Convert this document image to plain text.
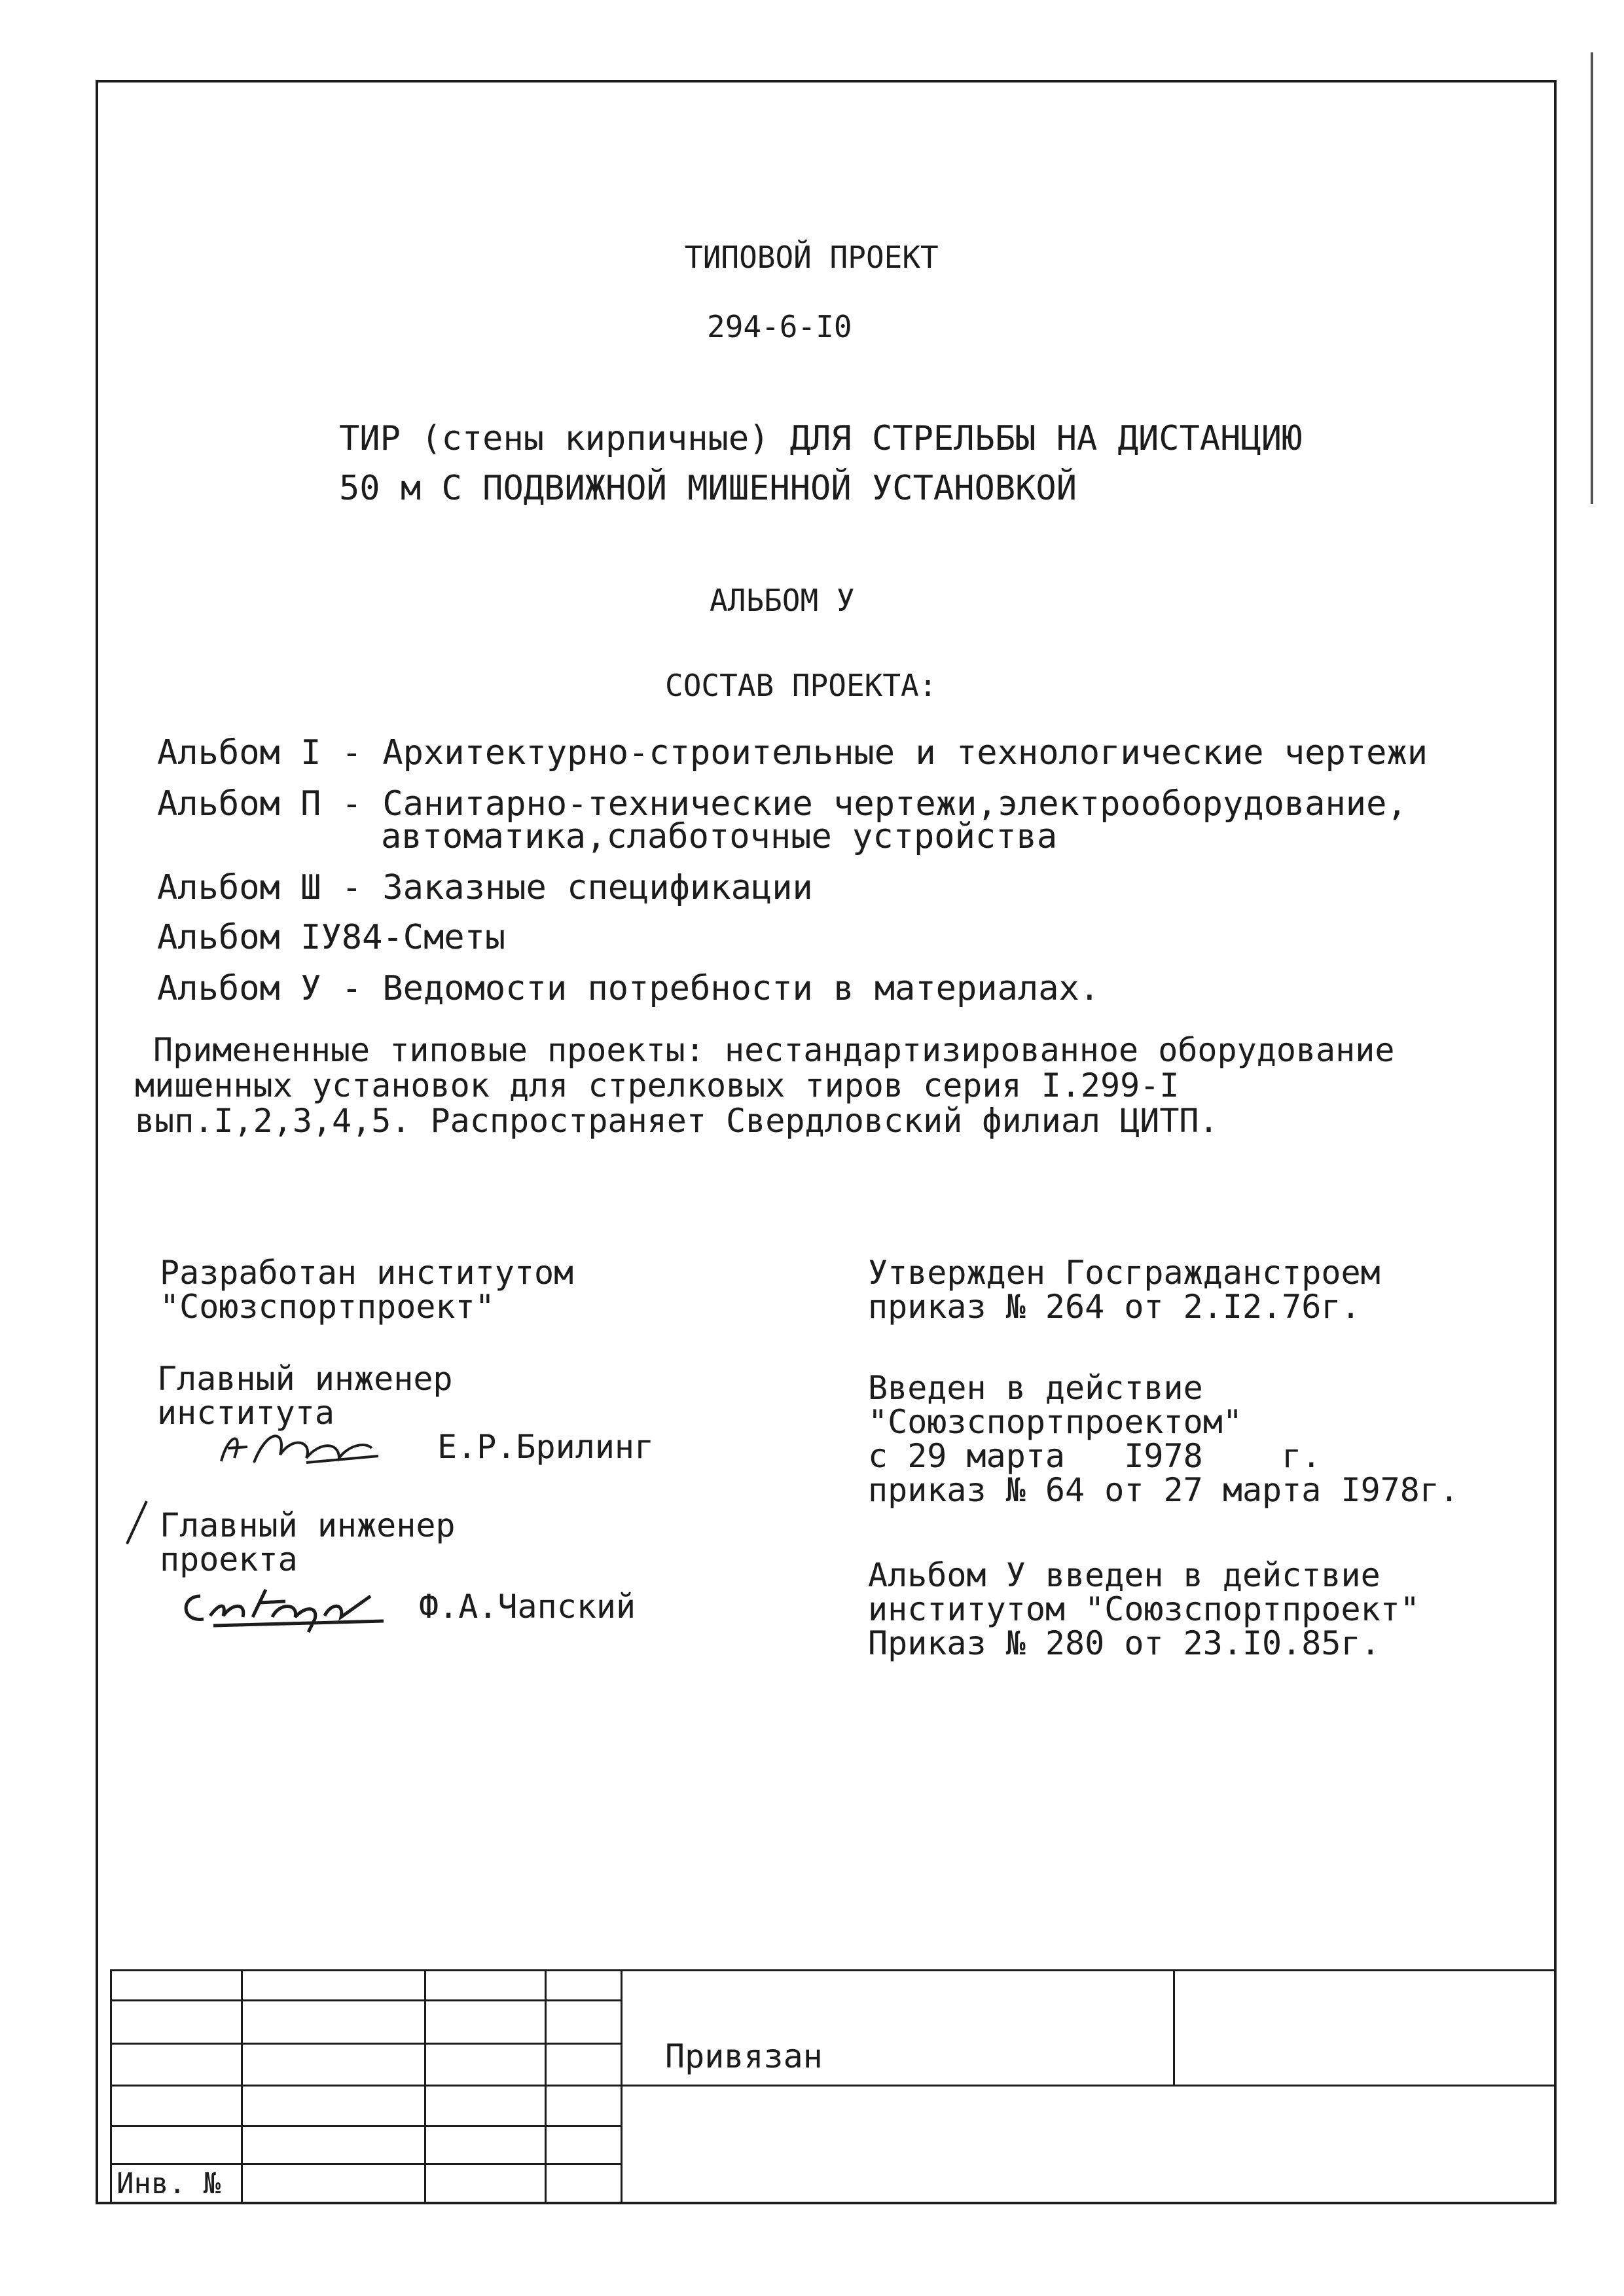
ТИПОВОЙ ПРОЕКТ
294-6-I0
ТИР (стены кирпичные) ДЛЯ СТРЕЛЬБЫ НА ДИСТАНЦИЮ
50 м С ПОДВИЖНОЙ МИШЕННОЙ УСТАНОВКОЙ
АЛЬБОМ У
СОСТАВ ПРОЕКТА:
Альбом I - Архитектурно-строительные и технологические чертежи
Альбом П - Санитарно-технические чертежи,электрооборудование,
автоматика,слаботочные устройства
Альбом Ш - Заказные спецификации
Альбом IУ84-Сметы
Альбом У - Ведомости потребности в материалах.
Примененные типовые проекты: нестандартизированное оборудование
мишенных установок для стрелковых тиров серия I.299-I
вып.I,2,3,4,5. Распространяет Свердловский филиал ЦИТП.
Разработан институтом
"Союзспортпроект"
Главный инженер
института
Е.Р.Брилинг
Главный инженер
проекта
Ф.А.Чапский
Утвержден Госгражданстроем
приказ № 264 от 2.I2.76г.
Введен в действие
"Союзспортпроектом"
с 29 марта   I978    г.
приказ № 64 от 27 марта I978г.
Альбом У введен в действие
институтом "Союзспортпроект"
Приказ № 280 от 23.I0.85г.
Привязан
Инв. №
